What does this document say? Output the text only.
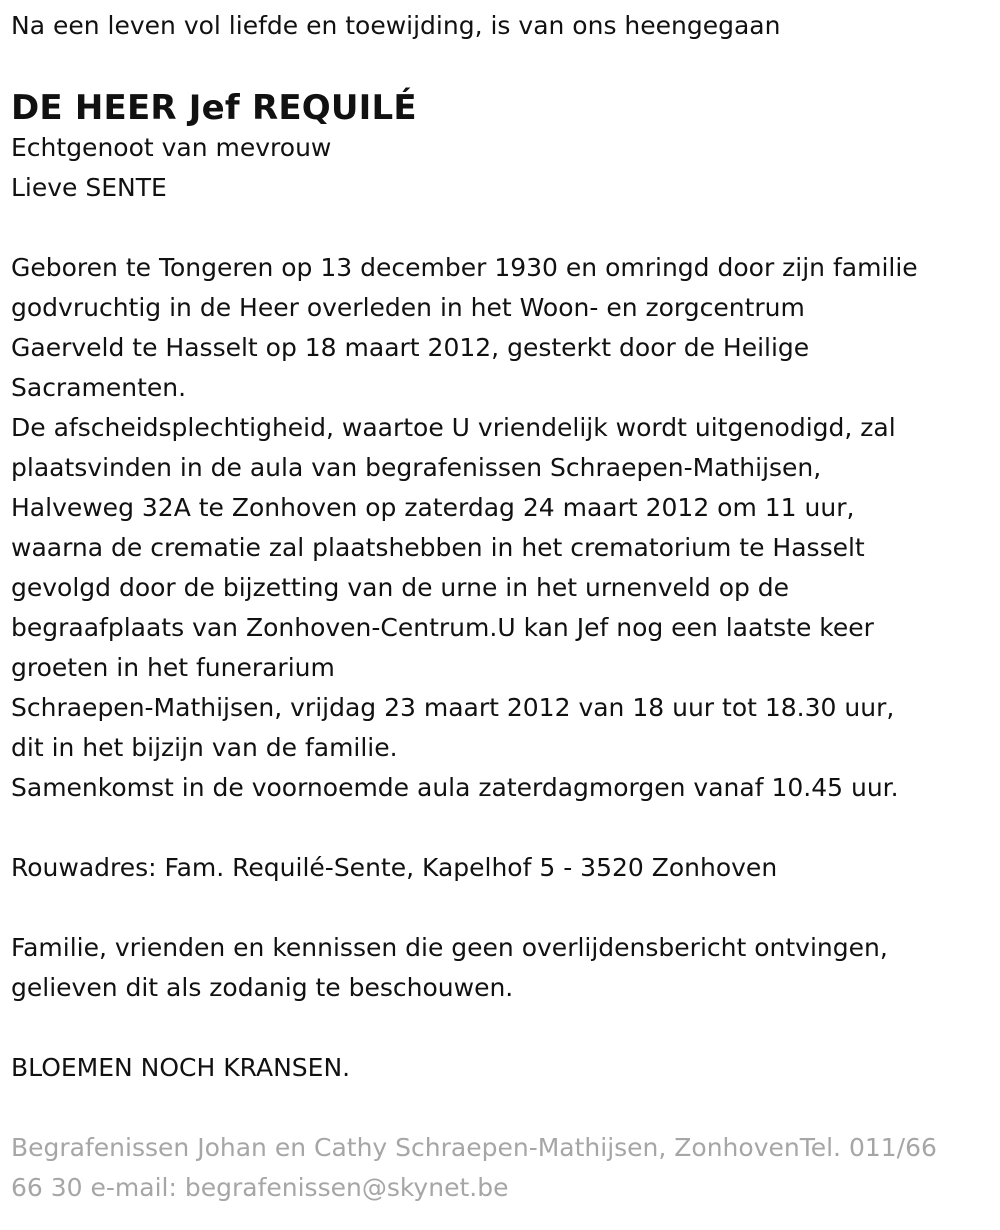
Na een leven vol liefde en toewijding, is van ons heengegaan

DE HEER Jef REQUILÉ

Echtgenoot van mevrouw

Lieve SENTE

Geboren te Tongeren op 13 december 1930 en omringd door zijn familie

godvruchtig in de Heer overleden in het Woon- en zorgcentrum

Gaerveld te Hasselt op 18 maart 2012, gesterkt door de Heilige

Sacramenten.

De afscheidsplechtigheid, waartoe U vriendelijk wordt uitgenodigd, zal

plaatsvinden in de aula van begrafenissen Schraepen-Mathijsen,

Halveweg 32A te Zonhoven op zaterdag 24 maart 2012 om 11 uur,

waarna de crematie zal plaatshebben in het crematorium te Hasselt

gevolgd door de bijzetting van de urne in het urnenveld op de

begraafplaats van Zonhoven-Centrum.U kan Jef nog een laatste keer

groeten in het funerarium

Schraepen-Mathijsen, vrijdag 23 maart 2012 van 18 uur tot 18.30 uur,

dit in het bijzijn van de familie.

Samenkomst in de voornoemde aula zaterdagmorgen vanaf 10.45 uur.

Rouwadres: Fam. Requilé-Sente, Kapelhof 5 - 3520 Zonhoven

Familie, vrienden en kennissen die geen overlijdensbericht ontvingen,

gelieven dit als zodanig te beschouwen.

BLOEMEN NOCH KRANSEN.

Begrafenissen Johan en Cathy Schraepen-Mathijsen, ZonhovenTel. 011/66

66 30 e-mail: begrafenissen@skynet.be
